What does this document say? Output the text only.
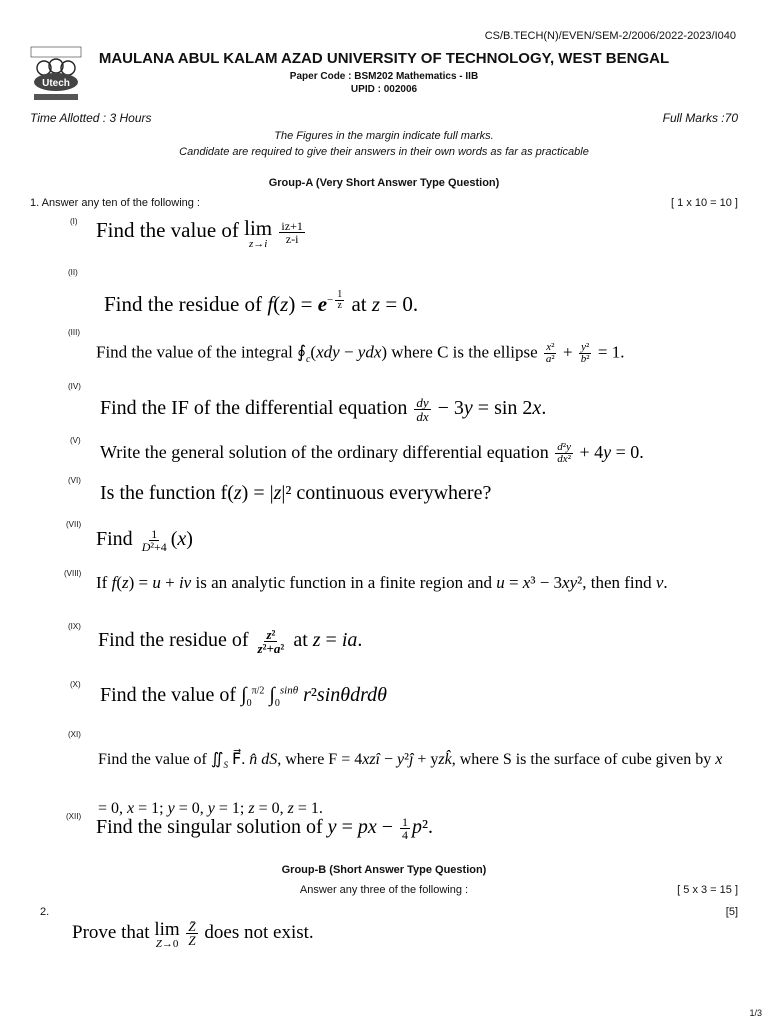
CS/B.TECH(N)/EVEN/SEM-2/2006/2022-2023/I040
Utech
MAULANA ABUL KALAM AZAD UNIVERSITY OF TECHNOLOGY, WEST BENGAL
Paper Code : BSM202 Mathematics - IIB
UPID : 002006
Time Allotted : 3 Hours	Full Marks :70
The Figures in the margin indicate full marks.
Candidate are required to give their answers in their own words as far as practicable
Group-A (Very Short Answer Type Question)
1. Answer any ten of the following :	[ 1 x 10 = 10 ]
(I)
(II)
(III)
(IV)
(V)
(VI)
(VII)
(VIII)
(IX)
(X)
(XI)
(XII)
Find the value of lim
z→i
$\frac{iz+1}{z-i}$
Find the residue of $f(z) = e^{- \frac{1}{z}}$ at z = 0.
Find the value of the integral $∮_c(xdy - ydx)$ where C is the ellipse $\frac{\text{x²}}{\text{a²}} + \frac{\text{y²}}{\text{b²}} = 1$.
Find the IF of the differential equation $\frac{dy}{dx} - 3y = \sin 2x$.
Write the general solution of the ordinary differential equation $\frac{\text{d²y}}{\text{dx²}} + 4y = 0$.
Is the function f(z) = |z|² continuous everywhere?
Find $\frac{1}{\text{D²+4}} (x)$
If f(z) = u + iv is an analytic function in a finite region and u = x³ − 3xy², then find v.
Find the residue of $\frac{\text{z²}}{\text{z²+a²}}$ at z = ia.
Find the value of $\int_0^{\pi/2}$ $\int_0^{sin\theta}$ r²sinθdrdθ
Find the value of $∬_S$ F⃗. n̂ dS, where F = 4xzî − y²ĵ + yzk̂, where S is the surface of cube given by x = 0, x = 1; y = 0, y = 1; z = 0, z = 1.
Find the singular solution of y = px − $\frac{1}{4} p^2$.
Group-B (Short Answer Type Question)
Answer any three of the following :	[ 5 x 3 = 15 ]
2.	[5]
Prove that lim
Z→0
$\frac{Z̄}{Z}$ does not exist.
1/3
